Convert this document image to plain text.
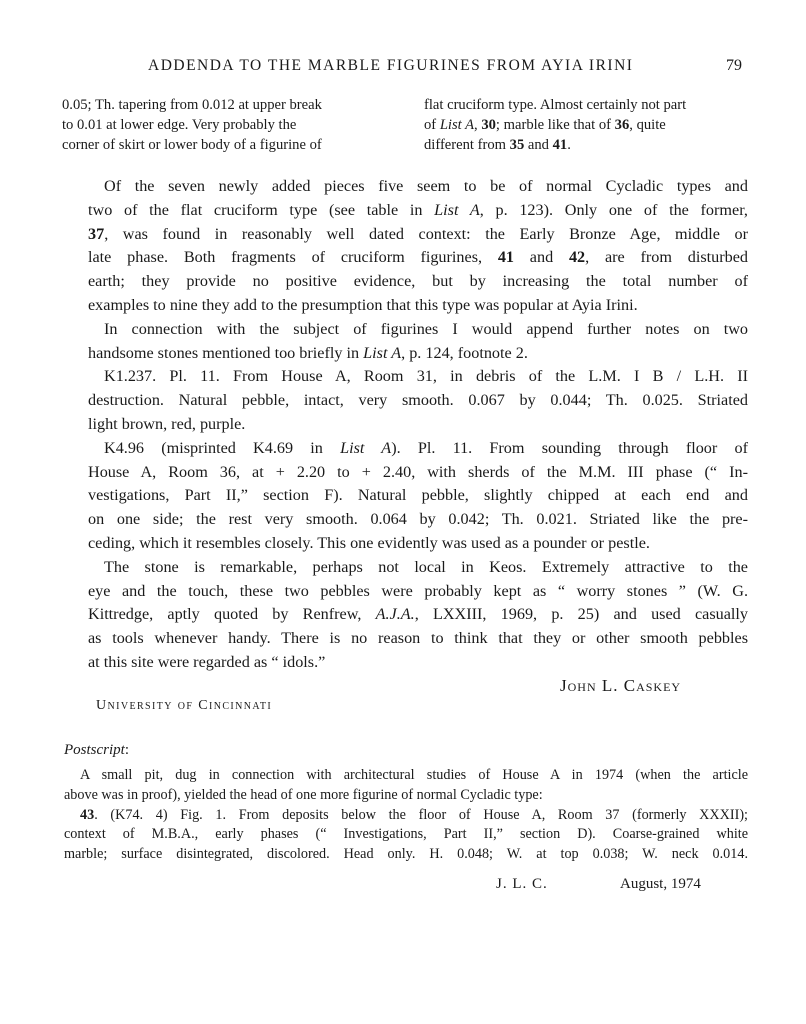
ADDENDA TO THE MARBLE FIGURINES FROM AYIA IRINI	79
0.05; Th. tapering from 0.012 at upper break
to 0.01 at lower edge. Very probably the
corner of skirt or lower body of a figurine of
flat cruciform type. Almost certainly not part
of List A, 30; marble like that of 36, quite
different from 35 and 41.

Of the seven newly added pieces five seem to be of normal Cycladic types and
two of the flat cruciform type (see table in List A, p. 123). Only one of the former,
37, was found in reasonably well dated context: the Early Bronze Age, middle or
late phase. Both fragments of cruciform figurines, 41 and 42, are from disturbed
earth; they provide no positive evidence, but by increasing the total number of
examples to nine they add to the presumption that this type was popular at Ayia Irini.

In connection with the subject of figurines I would append further notes on two
handsome stones mentioned too briefly in List A, p. 124, footnote 2.

K1.237. Pl. 11. From House A, Room 31, in debris of the L.M. I B / L.H. II
destruction. Natural pebble, intact, very smooth. 0.067 by 0.044; Th. 0.025. Striated
light brown, red, purple.

K4.96 (misprinted K4.69 in List A). Pl. 11. From sounding through floor of
House A, Room 36, at + 2.20 to + 2.40, with sherds of the M.M. III phase (“ In-
vestigations, Part II,” section F). Natural pebble, slightly chipped at each end and
on one side; the rest very smooth. 0.064 by 0.042; Th. 0.021. Striated like the pre-
ceding, which it resembles closely. This one evidently was used as a pounder or pestle.

The stone is remarkable, perhaps not local in Keos. Extremely attractive to the
eye and the touch, these two pebbles were probably kept as “ worry stones ” (W. G.
Kittredge, aptly quoted by Renfrew, A.J.A., LXXIII, 1969, p. 25) and used casually
as tools whenever handy. There is no reason to think that they or other smooth pebbles
at this site were regarded as “ idols.”

John L. Caskey
University of Cincinnati
Postscript:

A small pit, dug in connection with architectural studies of House A in 1974 (when the article
above was in proof), yielded the head of one more figurine of normal Cycladic type:

43. (K74. 4) Fig. 1. From deposits below the floor of House A, Room 37 (formerly XXXII);
context of M.B.A., early phases (“ Investigations, Part II,” section D). Coarse-grained white
marble; surface disintegrated, discolored. Head only. H. 0.048; W. at top 0.038; W. neck 0.014.

J. L. C.	August, 1974
